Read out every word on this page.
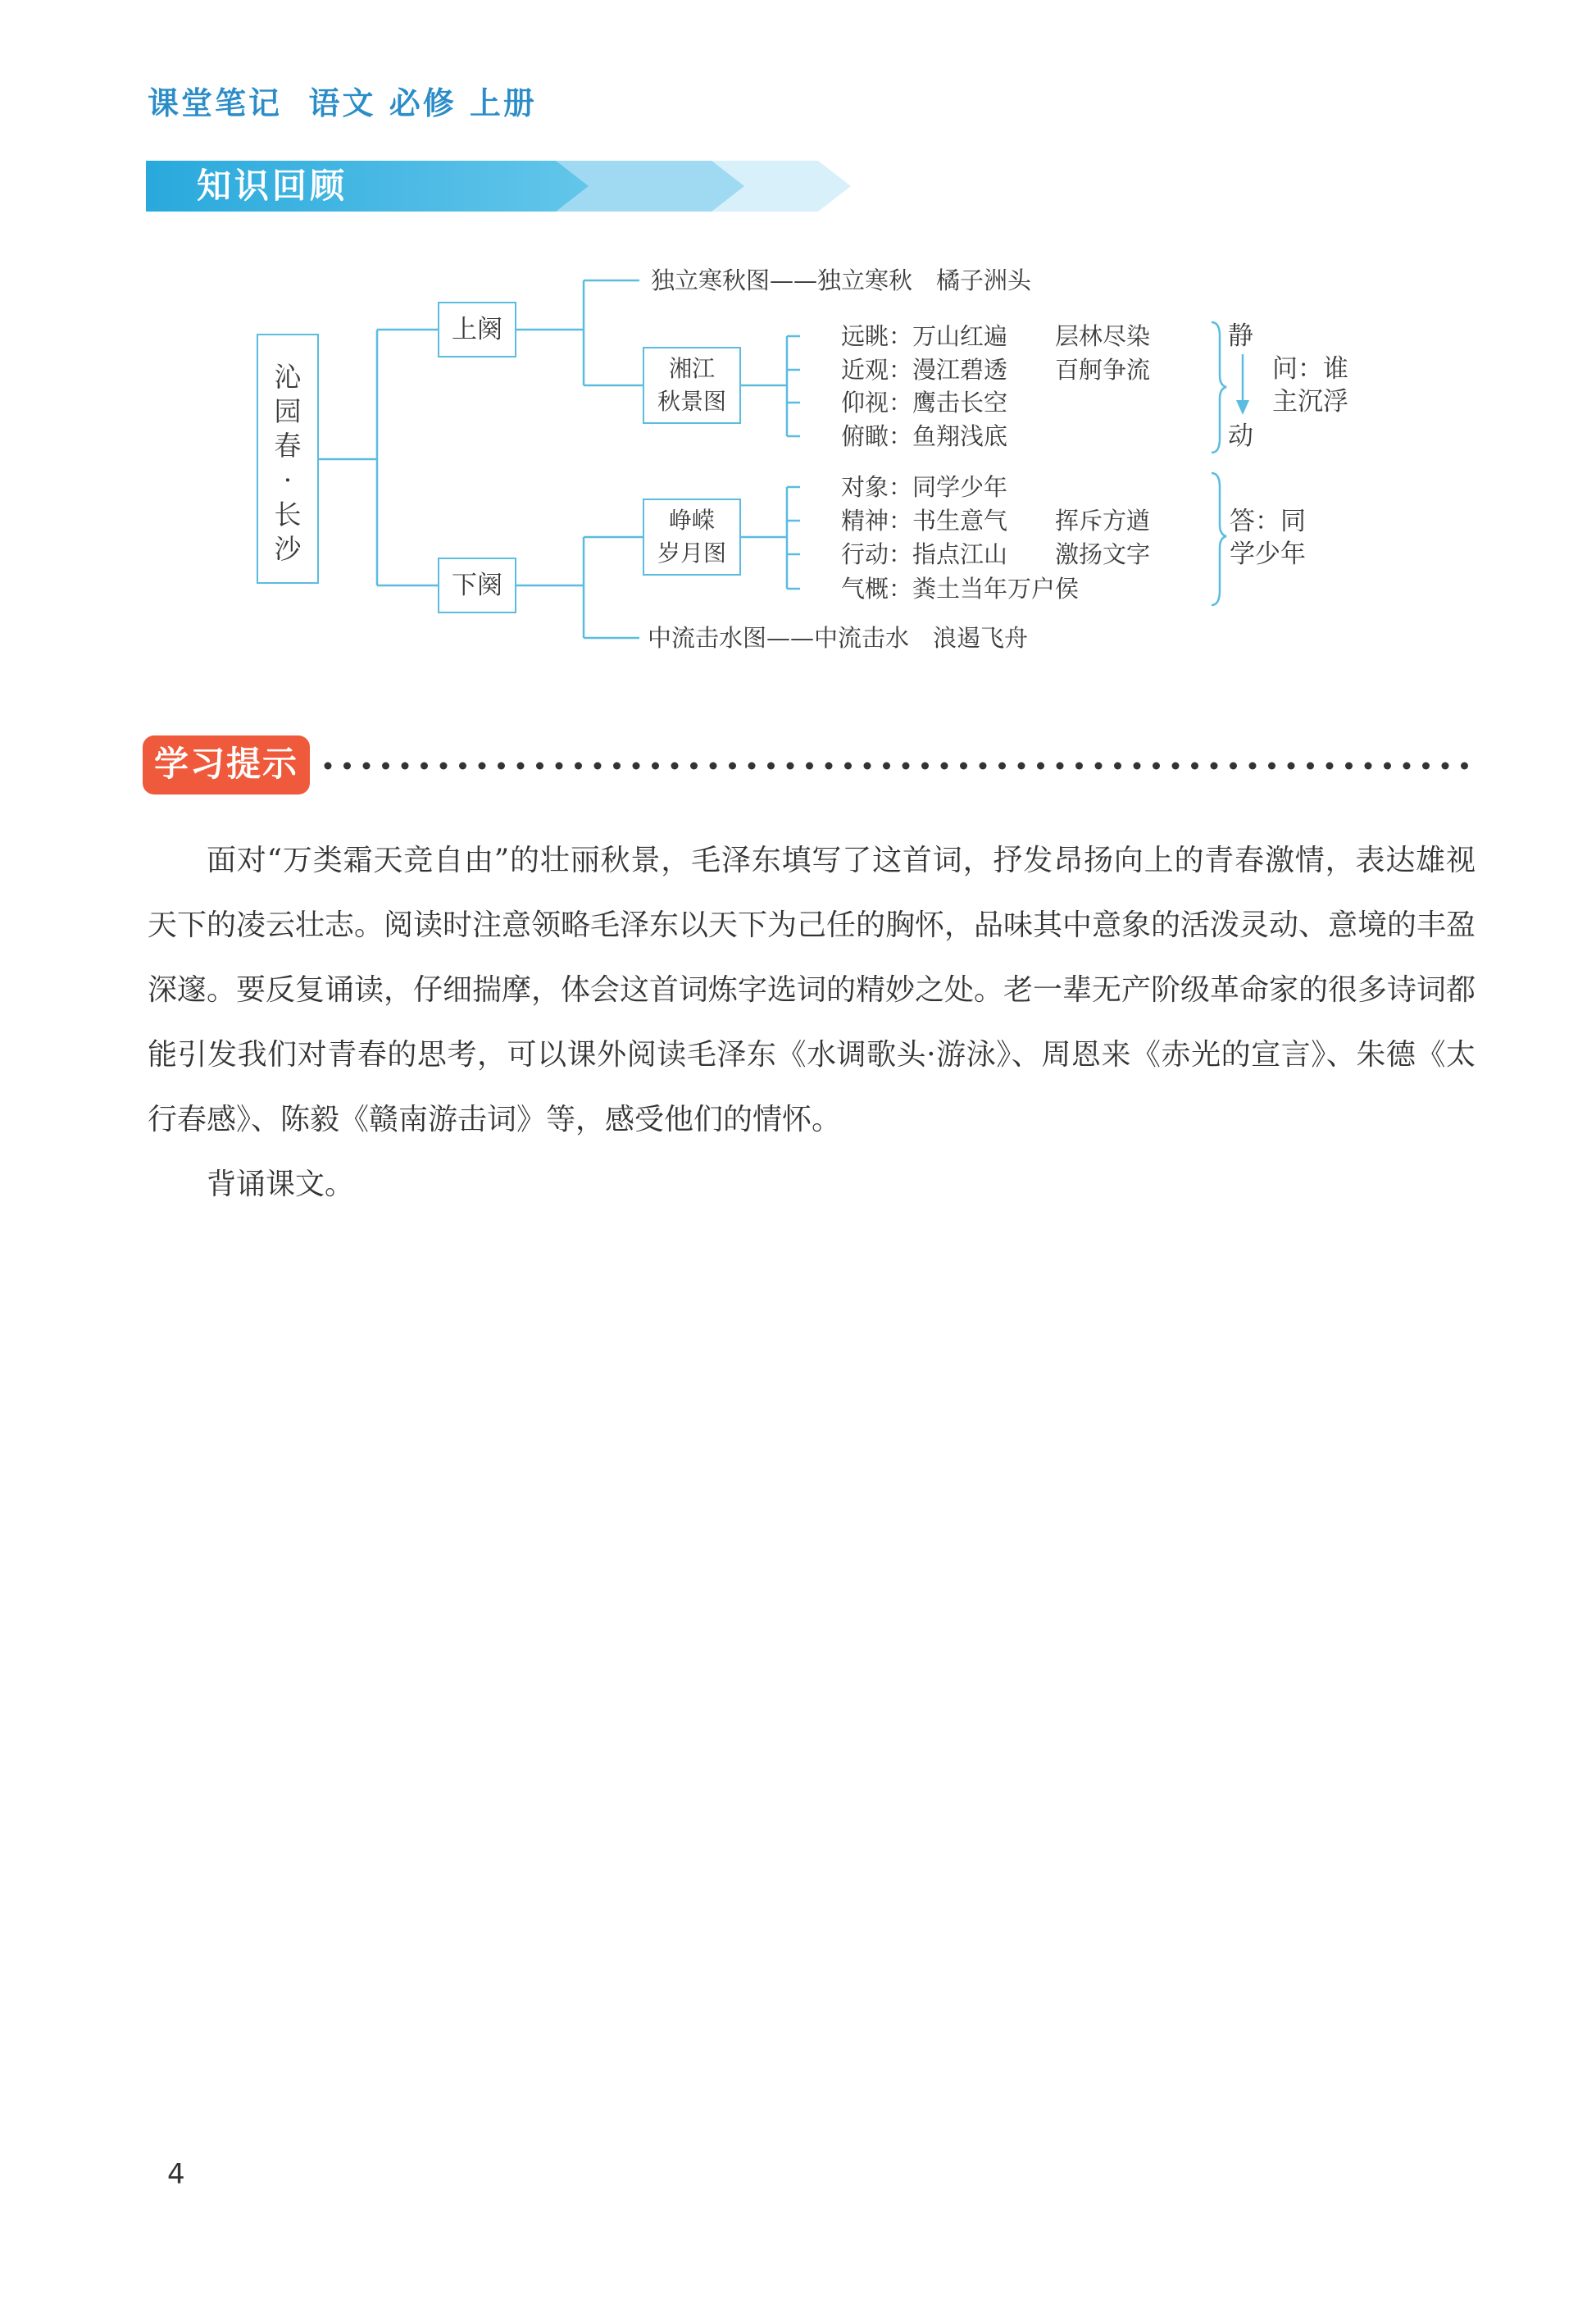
课堂笔记  语文 必修 上册
知识回顾
沁
园
春
·
长
沙
上阕
下阕
湘江
秋景图
峥嵘
岁月图
独立寒秋图——独立寒秋　橘子洲头
远眺：万山红遍　　层林尽染
近观：漫江碧透　　百舸争流
仰视：鹰击长空
俯瞰：鱼翔浅底
静
动
问：谁
主沉浮
对象：同学少年
精神：书生意气　　挥斥方遒
行动：指点江山　　激扬文字
气概：粪土当年万户侯
答：同
学少年
中流击水图——中流击水　浪遏飞舟
学习提示

面对“万类霜天竞自由”的壮丽秋景，毛泽东填写了这首词，抒发昂扬向上的青春激情，表达雄视天下的凌云壮志。阅读时注意领略毛泽东以天下为己任的胸怀，品味其中意象的活泼灵动、意境的丰盈深邃。要反复诵读，仔细揣摩，体会这首词炼字选词的精妙之处。老一辈无产阶级革命家的很多诗词都能引发我们对青春的思考，可以课外阅读毛泽东《水调歌头·游泳》、周恩来《赤光的宣言》、朱德《太行春感》、陈毅《赣南游击词》等，感受他们的情怀。

背诵课文。

4
